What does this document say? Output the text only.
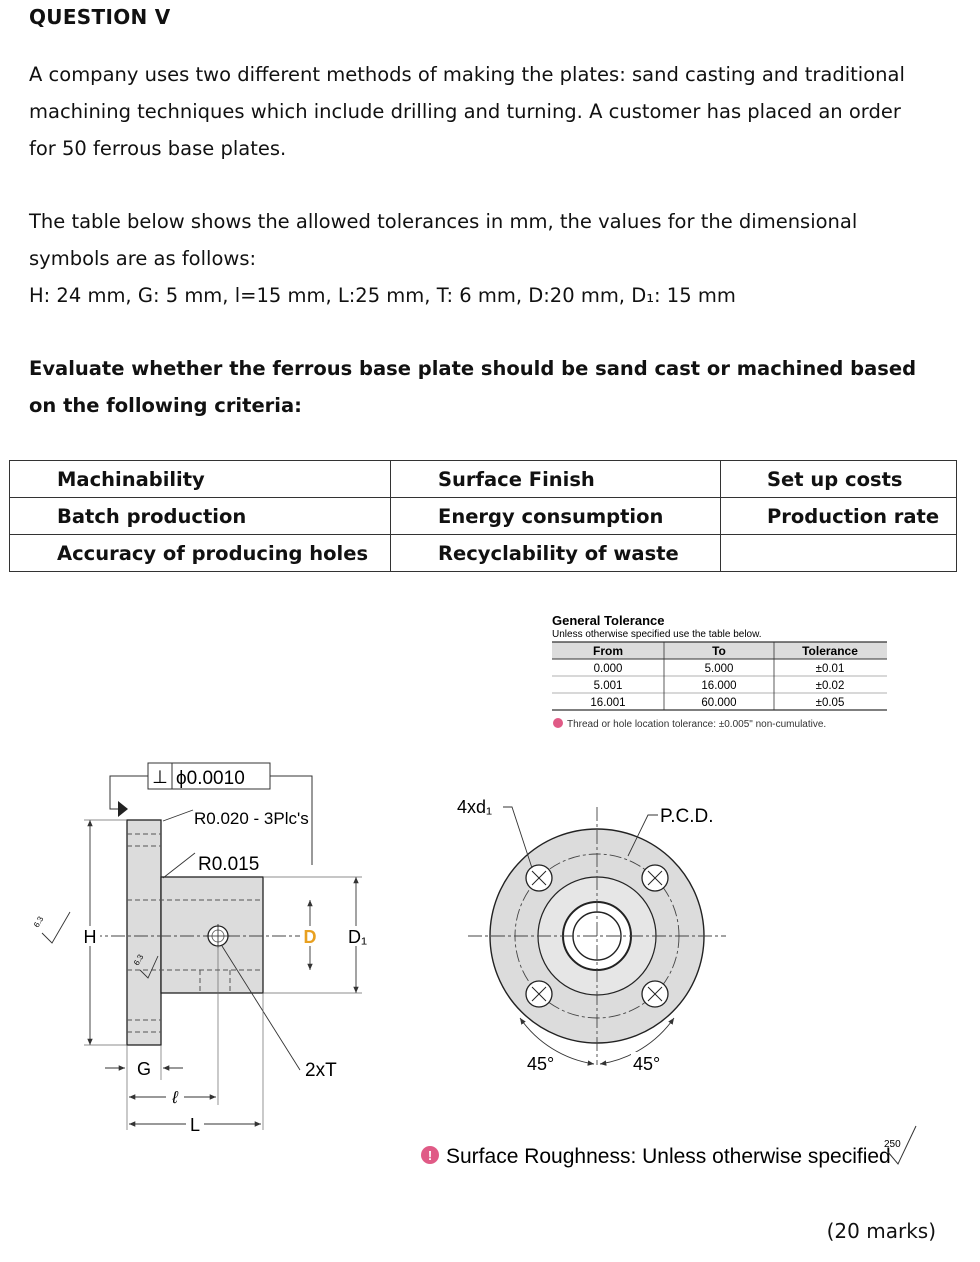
QUESTION V

A company uses two different methods of making the plates: sand casting and traditional
machining techniques which include drilling and turning. A customer has placed an order
for 50 ferrous base plates.

The table below shows the allowed tolerances in mm, the values for the dimensional
symbols are as follows:
H: 24 mm, G: 5 mm, l=15 mm, L:25 mm, T: 6 mm, D:20 mm, D₁: 15 mm

Evaluate whether the ferrous base plate should be sand cast or machined based
on the following criteria:

Machinability	Surface Finish	Set up costs
Batch production	Energy consumption	Production rate
Accuracy of producing holes	Recyclability of waste	
General Tolerance
Unless otherwise specified use the table below.
From	To	Tolerance
0.000	5.000	±0.01
5.001	16.000	±0.02
16.001	60.000	±0.05
Thread or hole location tolerance: ±0.005" non-cumulative.
⊥ ϕ0.0010
R0.020 - 3Plc's
R0.015
H	D D₁
6.3
6.3
2xT
G
ℓ
L
4xd₁	P.C.D.
45°	45°
! Surface Roughness: Unless otherwise specified
250
(20 marks)
